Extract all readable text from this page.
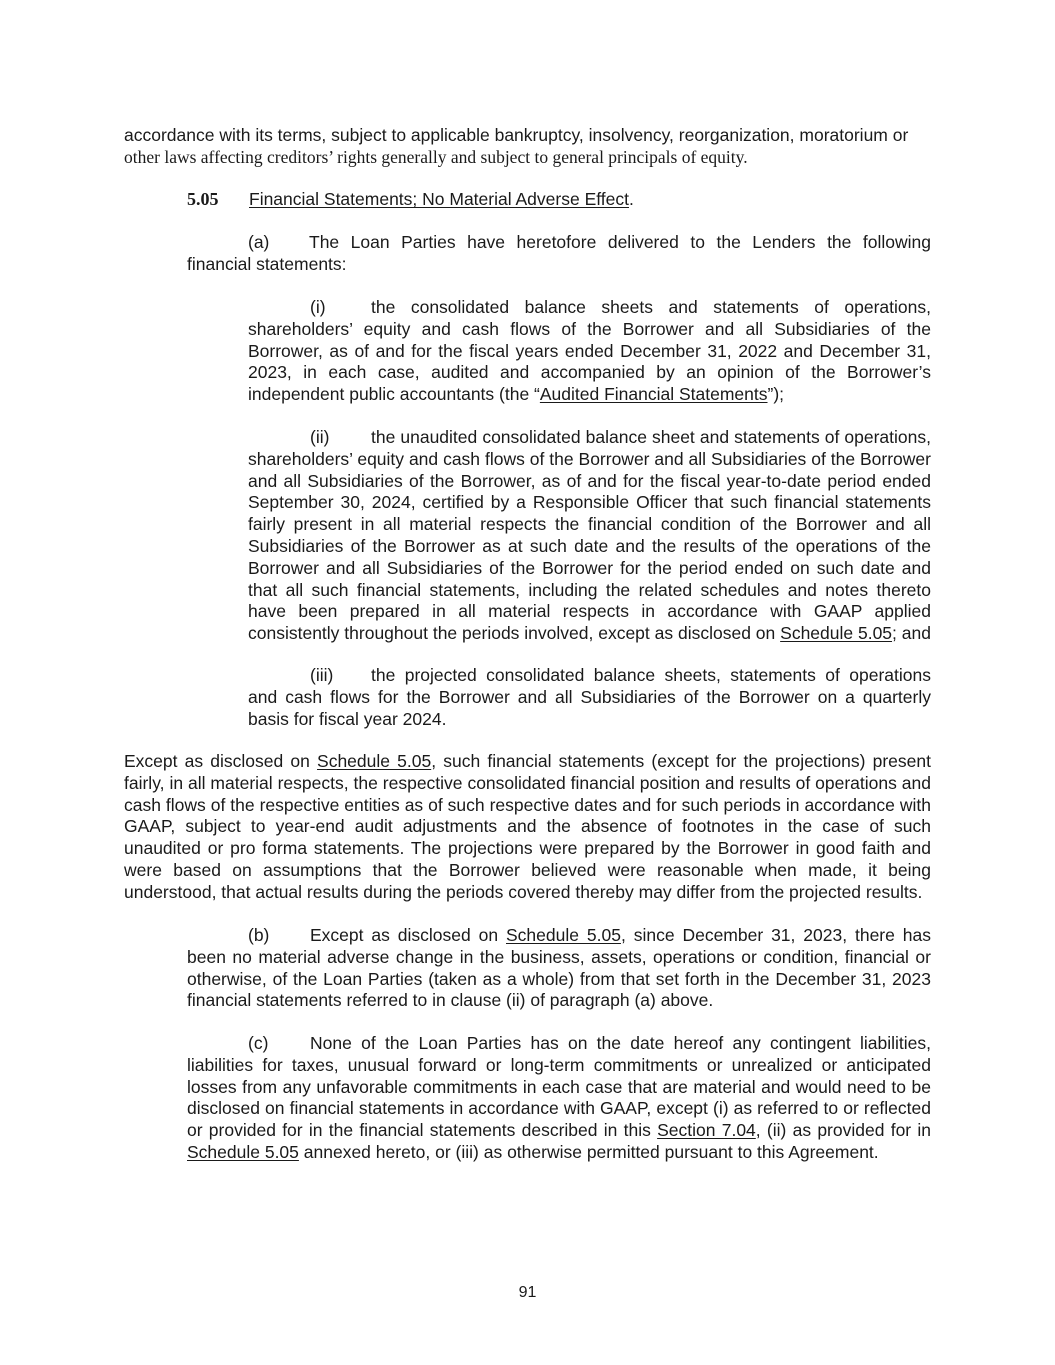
accordance with its terms, subject to applicable bankruptcy, insolvency, reorganization, moratorium or
other laws affecting creditors’ rights generally and subject to general principals of equity.
5.05 Financial Statements; No Material Adverse Effect.
(a) The Loan Parties have heretofore delivered to the Lenders the following financial statements:
(i)	the consolidated balance sheets and statements of operations, shareholders’ equity and cash flows of the Borrower and all Subsidiaries of the Borrower, as of and for the fiscal years ended December 31, 2022 and December 31, 2023, in each case, audited and accompanied by an opinion of the Borrower’s independent public accountants (the “Audited Financial Statements”);
(ii) the unaudited consolidated balance sheet and statements of operations, shareholders’ equity and cash flows of the Borrower and all Subsidiaries of the Borrower and all Subsidiaries of the Borrower, as of and for the fiscal year-to-date period ended September 30, 2024, certified by a Responsible Officer that such financial statements fairly present in all material respects the financial condition of the Borrower and all Subsidiaries of the Borrower as at such date and the results of the operations of the Borrower and all Subsidiaries of the Borrower for the period ended on such date and that all such financial statements, including the related schedules and notes thereto have been prepared in all material respects in accordance with GAAP applied consistently throughout the periods involved, except as disclosed on Schedule 5.05; and
(iii) the projected consolidated balance sheets, statements of operations and cash flows for the Borrower and all Subsidiaries of the Borrower on a quarterly basis for fiscal year 2024.
Except as disclosed on Schedule 5.05, such financial statements (except for the projections) present fairly, in all material respects, the respective consolidated financial position and results of operations and cash flows of the respective entities as of such respective dates and for such periods in accordance with GAAP, subject to year-end audit adjustments and the absence of footnotes in the case of such unaudited or pro forma statements. The projections were prepared by the Borrower in good faith and were based on assumptions that the Borrower believed were reasonable when made, it being understood, that actual results during the periods covered thereby may differ from the projected results.
(b) Except as disclosed on Schedule 5.05, since December 31, 2023, there has been no material adverse change in the business, assets, operations or condition, financial or otherwise, of the Loan Parties (taken as a whole) from that set forth in the December 31, 2023 financial statements referred to in clause (ii) of paragraph (a) above.
(c) None of the Loan Parties has on the date hereof any contingent liabilities, liabilities for taxes, unusual forward or long-term commitments or unrealized or anticipated losses from any unfavorable commitments in each case that are material and would need to be disclosed on financial statements in accordance with GAAP, except (i) as referred to or reflected or provided for in the financial statements described in this Section 7.04, (ii) as provided for in Schedule 5.05 annexed hereto, or (iii) as otherwise permitted pursuant to this Agreement.
91
